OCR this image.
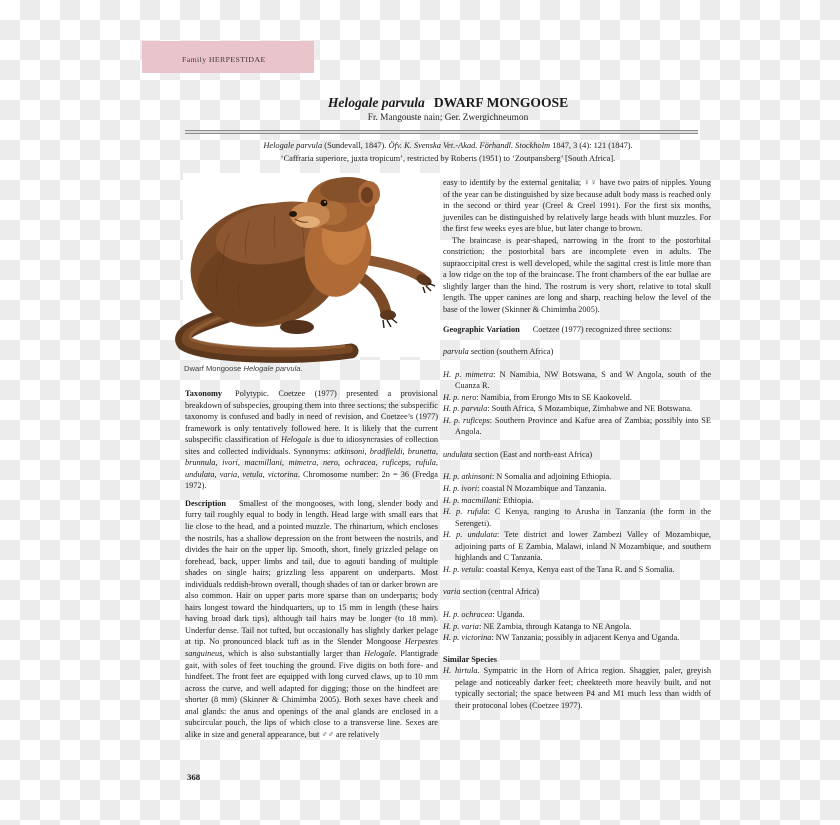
Family HERPESTIDAE
Helogale parvula DWARF MONGOOSE
Fr. Mangouste nain; Ger. Zwergichneumon
Helogale parvula (Sundevall, 1847). Öfv. K. Svenska Vet.-Akad. Förhandl. Stockholm 1847, 3 (4): 121 (1847).
‘Caffraria superiore, juxta tropicum’, restricted by Roberts (1951) to ‘Zoutpansberg’ [South Africa].
Dwarf Mongoose Helogale parvula.

Taxonomy Polytypic. Coetzee (1977) presented a provisional breakdown of subspecies, grouping them into three sections; the subspecific taxonomy is confused and badly in need of revision, and Coetzee’s (1977) framework is only tentatively followed here. It is likely that the current subspecific classification of Helogale is due to idiosyncrasies of collection sites and collected individuals. Synonyms: atkinsoni, bradfieldi, brunetta, brunnula, ivori, macmillani, mimetra, nero, ochracea, ruficeps, rufula, undulata, varia, vetula, victorina. Chromosome number: 2n = 36 (Fredga 1972).

Description Smallest of the mongooses, with long, slender body and furry tail roughly equal to body in length. Head large with small ears that lie close to the head, and a pointed muzzle. The rhinarium, which encloses the nostrils, has a shallow depression on the front between the nostrils, and divides the hair on the upper lip. Smooth, short, finely grizzled pelage on forehead, back, upper limbs and tail, due to agouti banding of multiple shades on single hairs; grizzling less apparent on underparts. Most individuals reddish-brown overall, though shades of tan or darker brown are also common. Hair on upper parts more sparse than on underparts; body hairs longest toward the hindquarters, up to 15 mm in length (these hairs having broad dark tips), although tail hairs may be longer (to 18 mm). Underfur dense. Tail not tufted, but occasionally has slightly darker pelage at tip. No pronounced black tuft as in the Slender Mongoose Herpestes sanguineus, which is also substantially larger than Helogale. Plantigrade gait, with soles of feet touching the ground. Five digits on both fore- and hindfeet. The front feet are equipped with long curved claws, up to 10 mm across the curve, and well adapted for digging; those on the hindfeet are shorter (8 mm) (Skinner & Chimimba 2005). Both sexes have cheek and anal glands: the anus and openings of the anal glands are enclosed in a subcircular pouch, the lips of which close to a transverse line. Sexes are alike in size and general appearance, but ♂♂ are relatively

easy to identify by the external genitalia; ♀♀ have two pairs of nipples. Young of the year can be distinguished by size because adult body mass is reached only in the second or third year (Creel & Creel 1991). For the first six months, juveniles can be distinguished by relatively large heads with blunt muzzles. For the first few weeks eyes are blue, but later change to brown.

The braincase is pear-shaped, narrowing in the front to the postorbital constriction; the postorbital bars are incomplete even in adults. The supraoccipital crest is well developed, while the sagittal crest is little more than a low ridge on the top of the braincase. The front chambers of the ear bullae are slightly larger than the hind. The rostrum is very short, relative to total skull length. The upper canines are long and sharp, reaching below the level of the base of the lower (Skinner & Chimimba 2005).

Geographic Variation Coetzee (1977) recognized three sections:

parvula section (southern Africa)

H. p. mimetra: N Namibia, NW Botswana, S and W Angola, south of the Cuanza R.

H. p. nero: Namibia, from Erongo Mts to SE Kaokoveld.

H. p. parvula: South Africa, S Mozambique, Zimbabwe and NE Botswana.

H. p. ruficeps: Southern Province and Kafue area of Zambia; possibly into SE Angola.

undulata section (East and north-east Africa)

H. p. atkinsoni: N Somalia and adjoining Ethiopia.

H. p. ivori: coastal N Mozambique and Tanzania.

H. p. macmillani: Ethiopia.

H. p. rufula: C Kenya, ranging to Arusha in Tanzania (the form in the Serengeti).

H. p. undulata: Tete district and lower Zambezi Valley of Mozambique, adjoining parts of E Zambia, Malawi, inland N Mozambique, and southern highlands and C Tanzania.

H. p. vetula: coastal Kenya, Kenya east of the Tana R. and S Somalia.

varia section (central Africa)

H. p. ochracea: Uganda.

H. p. varia: NE Zambia, through Katanga to NE Angola.

H. p. victorina: NW Tanzania; possibly in adjacent Kenya and Uganda.

Similar Species

H. hirtula. Sympatric in the Horn of Africa region. Shaggier, paler, greyish pelage and noticeably darker feet; cheekteeth more heavily built, and not typically sectorial; the space between P4 and M1 much less than width of their protoconal lobes (Coetzee 1977).

368
